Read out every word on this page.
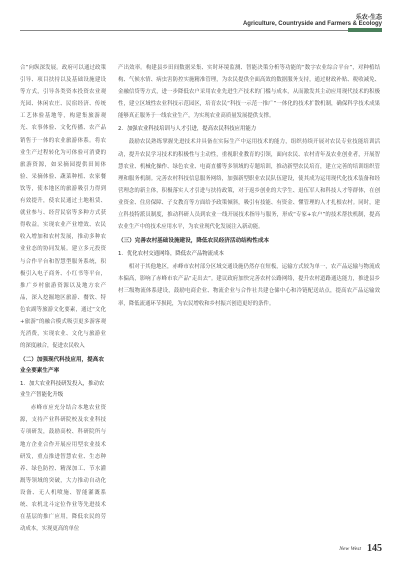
乐农·生态
Agriculture, Countryside and Farmers & Ecology

合”向纵深发展。政府可以通过政策引导、项目扶持以及基础设施建设等方式，引导各类资本投资农业观光园、休闲农庄、民宿经济、传统工艺体验基地等，构建集旅游观光、农事体验、文化传播、农产品销售于一体的农业旅游体系。将农业生产过程转化为可体验可消费的旅游资源，如采摘园提供田间体验、采摘体验、蔬菜种植、农家餐饮等，使本地区的旅游吸引力得到有效提升，使农民通过土地租赁、就业参与、经营民宿等多种方式获得收益。实现农业产业增效、农民收入增加和农村发展，推动多种农业业态的协同发展。建立多元投资与合作平台和智慧型服务系统，积极引入电子商务、小红书等平台，推广乡村旅游资源以及地方农产品，深入挖掘地区旅游、餐饮、特色农副等旅游文化要素，通过“文化+旅游”的融合模式吸引更多游客观光消费，实现农业、文化与旅游业的深度融合，促进农民收入

（二）加强现代科技应用，提高农业全要素生产率
1．加大农业科技研发投入，推动农业生产智能化升级

赤峰市应充分结合本地农业资源，支持产业科研院校及农业科技专项研发，鼓励高校、科研院所与地方企业合作开展应用型农业技术研发，重点推进智慧农业、生态种养、绿色防控、精深加工、节水灌溉等领域的突破，大力推动自动化设备、无人机喷施、智能灌溉系统、农机北斗定位作业等先进技术在基层的推广应用，降低农民的劳动成本，实现更高的单位

产出效率。构建县乡田间数据采集、实时环境监测、智能决策分析等功能的“数字农业综合平台”，对种植结构、气候水情、病虫害防控实施精准管理，为农民提供全面高效的数据服务支持，通过财政补贴、税收减免、金融信贷等方式，进一步降低农户采用农业先进生产技术的门槛与成本，从而激发其主动应用现代技术的积极性，建立区域性农业科技示范园区，培育农民“科技一示范一推广”一体化的技术扩散机制，确保科学技术成果能够真正服务于一线农业生产，为实现农业高质量发展提供支撑。

2．加强农业科技培训与人才引进，提高农民科技应用能力

鼓励农民熟练掌握先进技术并具备在实际生产中运用技术的能力，组织持续开展对农民专业技能培训活动，提升农民学习技术的积极性与主动性，重视职业教育的引领，面向农民、农村青年及农业创业者，开展智慧农业、机械化操作、绿色农业、电商直播等多领域的专题培训，推动新型农民培育，建立完善的培训组织管理和服务机制。完善农村科技信息服务网络，加强新型职业农民队伍建设，使其成为运用现代化技术装备和经营理念的新主体，积极落实人才引进与扶持政策，对于返乡创业的大学生、退伍军人和科技人才等群体，在创业资金、住房保障、子女教育等方面给予政策倾斜，吸引有技能、有资金、懂管理的人才扎根农村。同时，建立科技特派员制度，推动科研人员到农业一线开展技术指导与服务，形成“专家+农户”的技术帮扶机制，提高农业生产中的技术应用水平，为农业现代化发展注入新动能。

（三）完善农村基础设施建设，降低农民经济活动结构性成本
1．优化农村交通网络，降低农产品物流成本

相对于其他地区，赤峰市农村部分区域交通设施仍然存在短板，运输方式较为单一，农产品运输与物流成本偏高，影响了赤峰市农产品“走出去”。建议政府加快完善农村公路网络，提升农村道路通达能力，推进县乡村三级物流体系建设，鼓励电商企业、物流企业与合作社共建仓储中心和冷链配送站点，提高农产品运输效率，降低流通环节损耗，为农民增收和乡村振兴创造更好的条件。

New West 145
